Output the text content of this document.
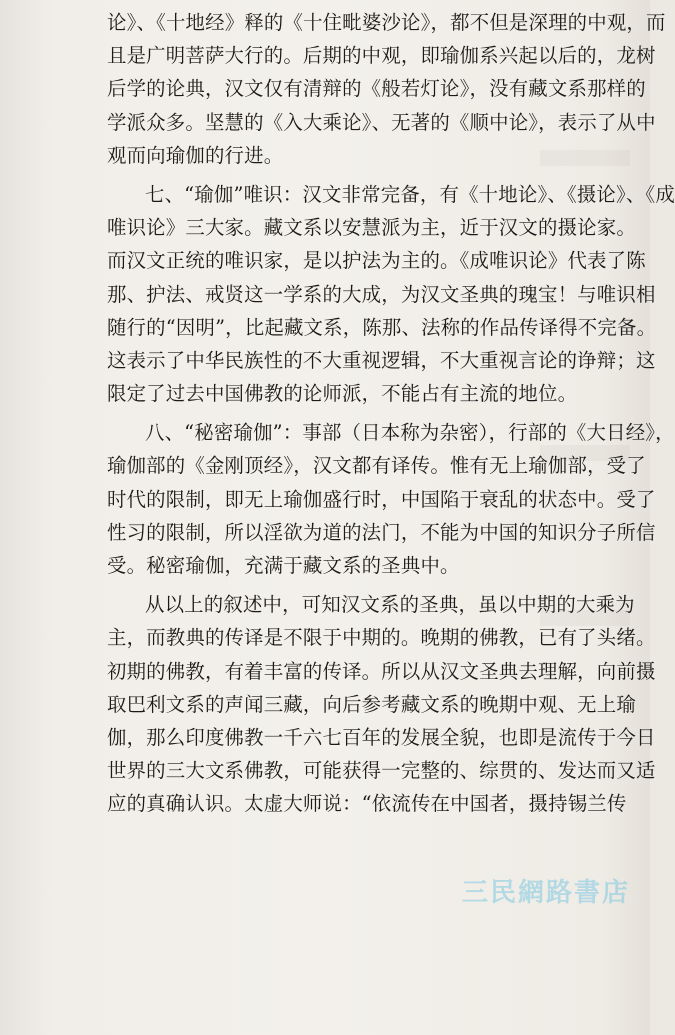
论》、《十地经》释的《十住毗婆沙论》，都不但是深理的中观，而
且是广明菩萨大行的。后期的中观，即瑜伽系兴起以后的，龙树
后学的论典，汉文仅有清辩的《般若灯论》，没有藏文系那样的
学派众多。坚慧的《入大乘论》、无著的《顺中论》，表示了从中
观而向瑜伽的行进。
七、“瑜伽”唯识：汉文非常完备，有《十地论》、《摄论》、《成
唯识论》三大家。藏文系以安慧派为主，近于汉文的摄论家。
而汉文正统的唯识家，是以护法为主的。《成唯识论》代表了陈
那、护法、戒贤这一学系的大成，为汉文圣典的瑰宝！与唯识相
随行的“因明”，比起藏文系，陈那、法称的作品传译得不完备。
这表示了中华民族性的不大重视逻辑，不大重视言论的诤辩；这
限定了过去中国佛教的论师派，不能占有主流的地位。
八、“秘密瑜伽”：事部（日本称为杂密），行部的《大日经》，
瑜伽部的《金刚顶经》，汉文都有译传。惟有无上瑜伽部，受了
时代的限制，即无上瑜伽盛行时，中国陷于衰乱的状态中。受了
性习的限制，所以淫欲为道的法门，不能为中国的知识分子所信
受。秘密瑜伽，充满于藏文系的圣典中。
从以上的叙述中，可知汉文系的圣典，虽以中期的大乘为
主，而教典的传译是不限于中期的。晚期的佛教，已有了头绪。
初期的佛教，有着丰富的传译。所以从汉文圣典去理解，向前摄
取巴利文系的声闻三藏，向后参考藏文系的晚期中观、无上瑜
伽，那么印度佛教一千六七百年的发展全貌，也即是流传于今日
世界的三大文系佛教，可能获得一完整的、综贯的、发达而又适
应的真确认识。太虚大师说：“依流传在中国者，摄持锡兰传
三民網路書店
